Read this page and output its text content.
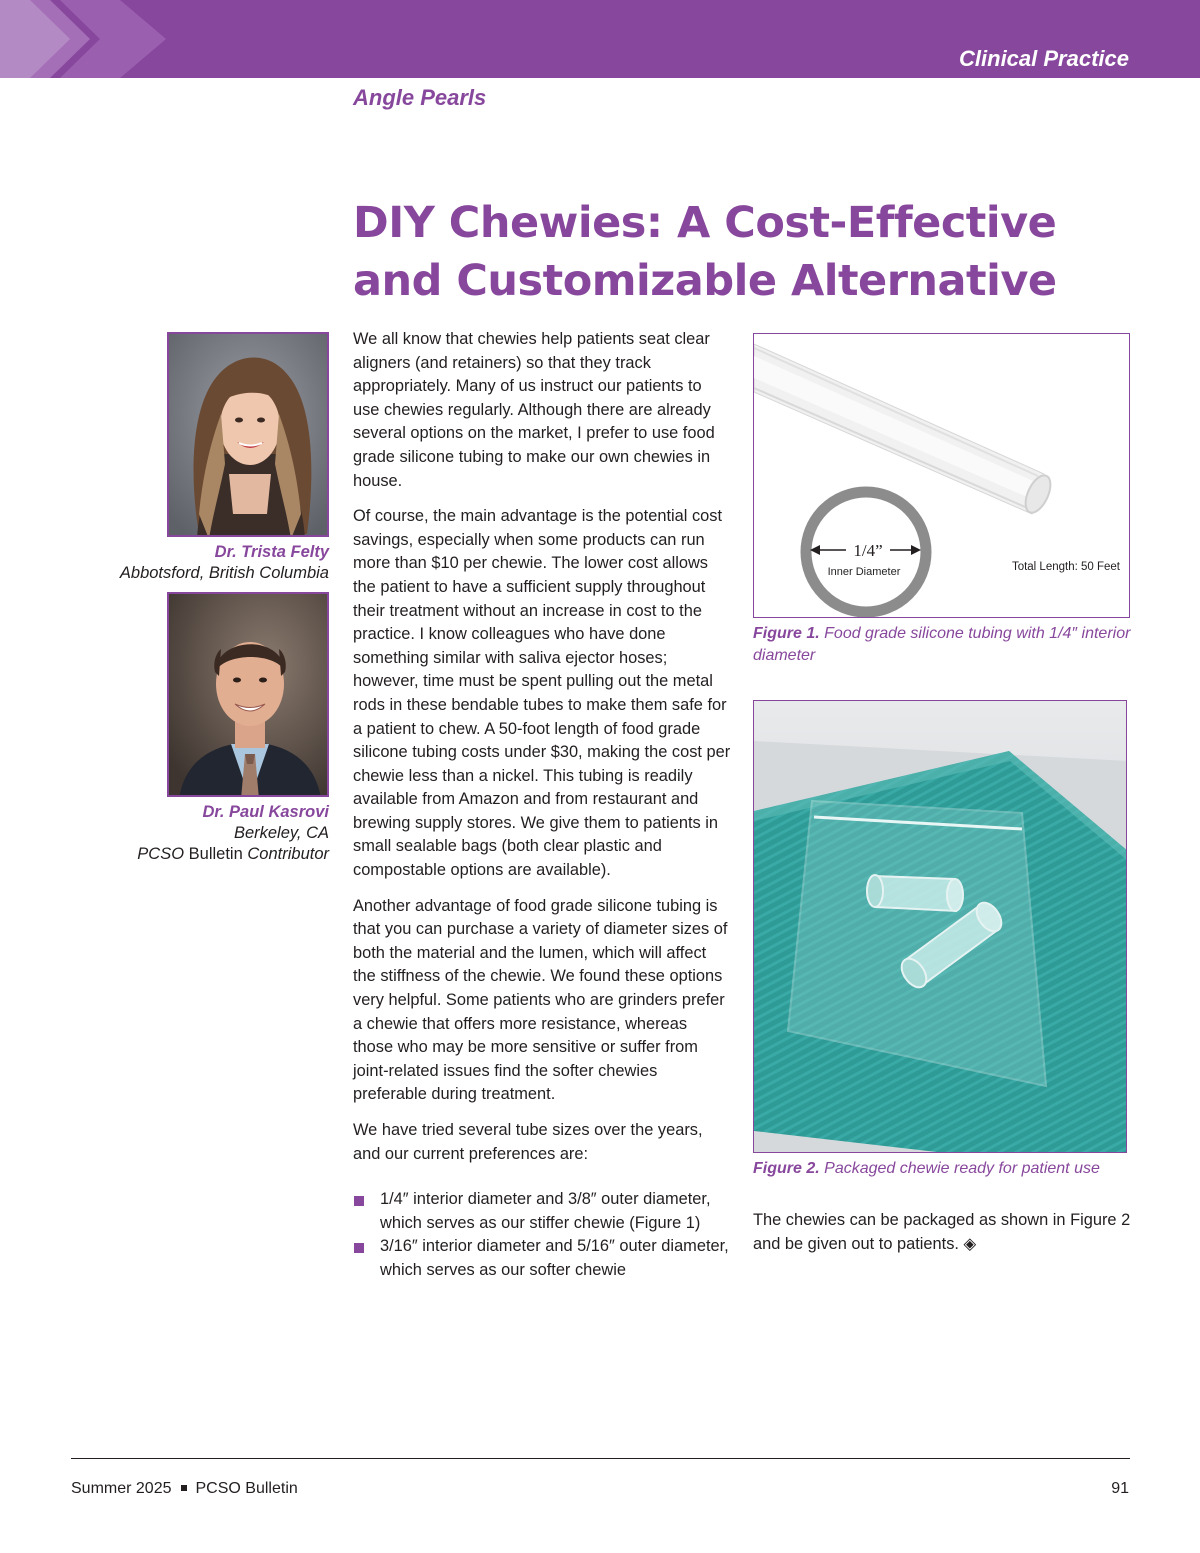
Clinical Practice
Angle Pearls
DIY Chewies: A Cost-Effective and Customizable Alternative
Dr. Trista Felty
Abbotsford, British Columbia
Dr. Paul Kasrovi
Berkeley, CA
PCSO Bulletin Contributor

We all know that chewies help patients seat clear aligners (and retainers) so that they track appropriately. Many of us instruct our patients to use chewies regularly. Although there are already several options on the market, I prefer to use food grade silicone tubing to make our own chewies in house.

Of course, the main advantage is the potential cost savings, especially when some products can run more than $10 per chewie. The lower cost allows the patient to have a sufficient supply throughout their treatment without an increase in cost to the practice. I know colleagues who have done something similar with saliva ejector hoses; however, time must be spent pulling out the metal rods in these bendable tubes to make them safe for a patient to chew. A 50-foot length of food grade silicone tubing costs under $30, making the cost per chewie less than a nickel. This tubing is readily available from Amazon and from restaurant and brewing supply stores. We give them to patients in small sealable bags (both clear plastic and compostable options are available).

Another advantage of food grade silicone tubing is that you can purchase a variety of diameter sizes of both the material and the lumen, which will affect the stiffness of the chewie. We found these options very helpful. Some patients who are grinders prefer a chewie that offers more resistance, whereas those who may be more sensitive or suffer from joint-related issues find the softer chewies preferable during treatment.

We have tried several tube sizes over the years, and our current preferences are:

1/4″ interior diameter and 3/8″ outer diameter, which serves as our stiffer chewie (Figure 1)
3/16″ interior diameter and 5/16″ outer diameter, which serves as our softer chewie
1/4”
Inner Diameter	Total Length: 50 Feet
Figure 1. Food grade silicone tubing with 1/4″ interior diameter
Figure 2. Packaged chewie ready for patient use
The chewies can be packaged as shown in Figure 2 and be given out to patients. ◈
Summer 2025 PCSO Bulletin	91
